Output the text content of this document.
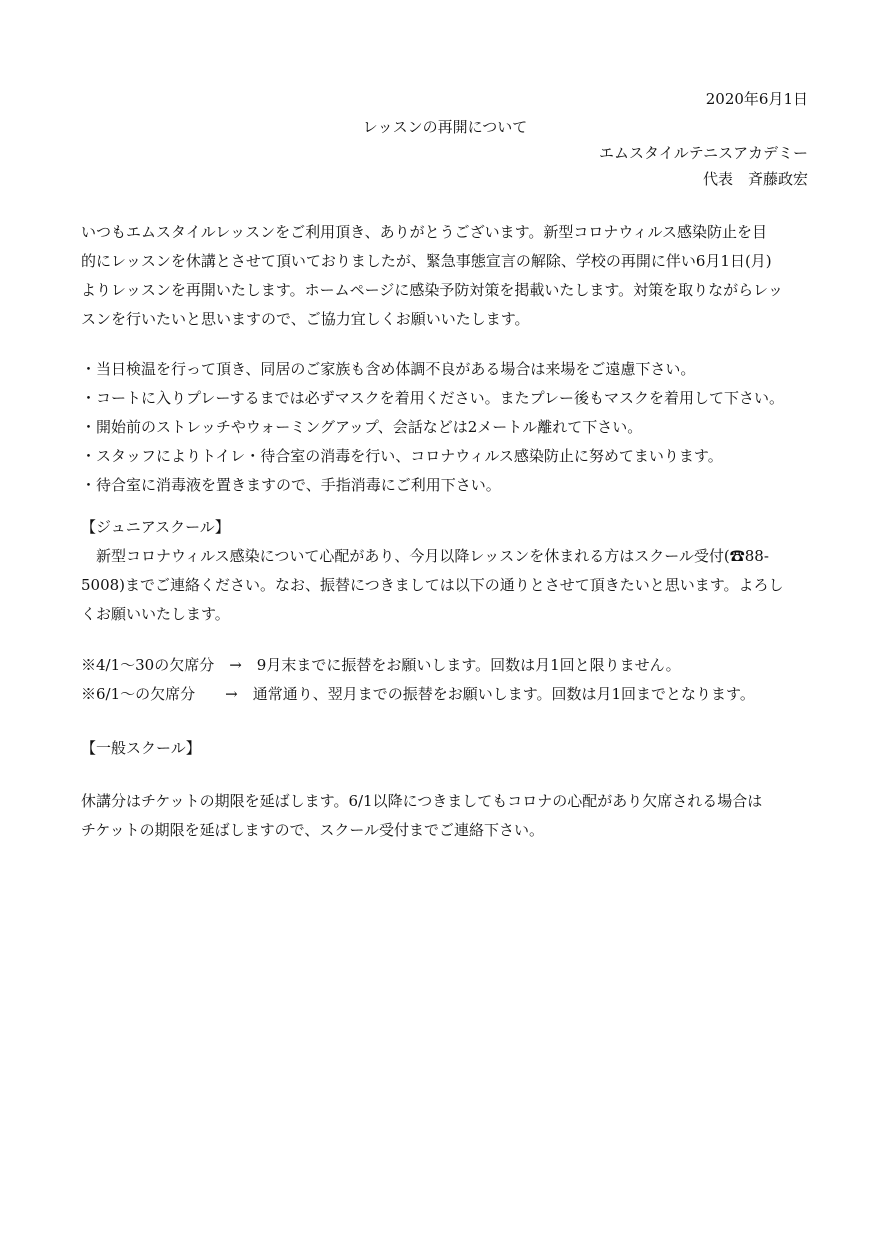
2020年6月1日
レッスンの再開について
エムスタイルテニスアカデミー
代表　斉藤政宏
いつもエムスタイルレッスンをご利用頂き、ありがとうございます。新型コロナウィルス感染防止を目
的にレッスンを休講とさせて頂いておりましたが、緊急事態宣言の解除、学校の再開に伴い6月1日(月)
よりレッスンを再開いたします。ホームページに感染予防対策を掲載いたします。対策を取りながらレッ
スンを行いたいと思いますので、ご協力宜しくお願いいたします。
・当日検温を行って頂き、同居のご家族も含め体調不良がある場合は来場をご遠慮下さい。
・コートに入りプレーするまでは必ずマスクを着用ください。またプレー後もマスクを着用して下さい。
・開始前のストレッチやウォーミングアップ、会話などは2メートル離れて下さい。
・スタッフによりトイレ・待合室の消毒を行い、コロナウィルス感染防止に努めてまいります。
・待合室に消毒液を置きますので、手指消毒にご利用下さい。
【ジュニアスクール】
　新型コロナウィルス感染について心配があり、今月以降レッスンを休まれる方はスクール受付(☎88-
5008)までご連絡ください。なお、振替につきましては以下の通りとさせて頂きたいと思います。よろし
くお願いいたします。
※4/1～30の欠席分　→　9月末までに振替をお願いします。回数は月1回と限りません。
※6/1～の欠席分　　→　通常通り、翌月までの振替をお願いします。回数は月1回までとなります。
【一般スクール】
休講分はチケットの期限を延ばします。6/1以降につきましてもコロナの心配があり欠席される場合は
チケットの期限を延ばしますので、スクール受付までご連絡下さい。
